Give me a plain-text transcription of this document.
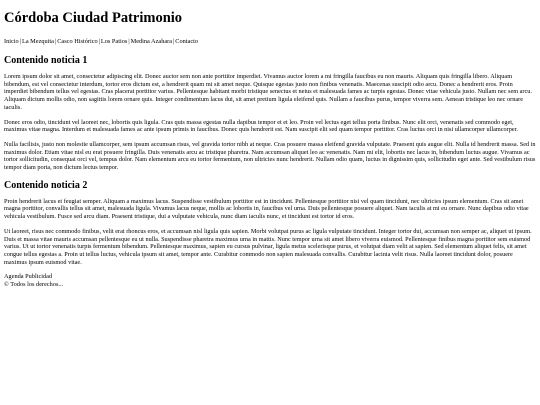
Córdoba Ciudad Patrimonio
Inicio|La Mezquita|Casco Histórico|Los Patios|Medina Azahara|Contacto
Contenido noticia 1

Lorem ipsum dolor sit amet, consectetur adipiscing elit. Donec auctor sem non ante porttitor imperdiet. Vivamus auctor lorem a mi fringilla faucibus eu non mauris. Aliquam quis fringilla libero. Aliquam bibendum, est vel consectetur interdum, tortor eros dictum est, a hendrerit quam mi sit amet neque. Quisque egestas justo non finibus venenatis. Maecenas suscipit odio arcu. Donec a hendrerit eros. Proin imperdiet bibendum tellus vel egestas. Cras placerat porttitor varius. Pellentesque habitant morbi tristique senectus et netus et malesuada fames ac turpis egestas. Donec vitae vehicula justo. Nullam nec sem arcu. Aliquam dictum mollis odio, non sagittis lorem ornare quis. Integer condimentum lacus dui, sit amet pretium ligula eleifend quis. Nullam a faucibus purus, tempor viverra sem. Aenean tristique leo nec ornare iaculis.

Donec eros odio, tincidunt vel laoreet nec, lobortis quis ligula. Cras quis massa egestas nulla dapibus tempor et et leo. Proin vel lectus eget tellus porta finibus. Nunc elit orci, venenatis sed commodo eget, maximus vitae magna. Interdum et malesuada fames ac ante ipsum primis in faucibus. Donec quis hendrerit est. Nam suscipit elit sed quam tempor porttitor. Cras luctus orci in nisi ullamcorper ullamcorper.

Nulla facilisis, justo non molestie ullamcorper, sem ipsum accumsan risus, vel gravida tortor nibh at neque. Cras posuere massa eleifend gravida vulputate. Praesent quis augue elit. Nulla id hendrerit massa. Sed in maximus dolor. Etiam vitae nisl eu erat posuere fringilla. Duis venenatis arcu ac tristique pharetra. Nam accumsan aliquet leo ac venenatis. Nam mi elit, lobortis nec lacus in, bibendum luctus augue. Vivamus ac tortor sollicitudin, consequat orci vel, tempus dolor. Nam elementum arcu eu tortor fermentum, non ultricies nunc hendrerit. Nullam odio quam, luctus in dignissim quis, sollicitudin eget ante. Sed vestibulum risus tempor diam porta, non dictum lectus tempor.

Contenido noticia 2

Proin hendrerit lacus et feugiat semper. Aliquam a maximus lacus. Suspendisse vestibulum porttitor est in tincidunt. Pellentesque porttitor nisi vel quam tincidunt, nec ultricies ipsum elementum. Cras sit amet magna porttitor, convallis tellus sit amet, malesuada ligula. Vivamus lacus neque, mollis ac lobortis in, faucibus vel urna. Duis pellentesque posuere aliquet. Nam iaculis at mi eu ornare. Nunc dapibus odio vitae vehicula vestibulum. Fusce sed arcu diam. Praesent tristique, dui a vulputate vehicula, nunc diam iaculis nunc, et tincidunt est tortor id eros.

Ut laoreet, risus nec commodo finibus, velit erat rhoncus eros, et accumsan nisl ligula quis sapien. Morbi volutpat purus ac ligula vulputate tincidunt. Integer tortor dui, accumsan non semper ac, aliquet ut ipsum. Duis et massa vitae mauris accumsan pellentesque eu ut nulla. Suspendisse pharetra maximus urna in mattis. Nunc tempor urna sit amet libero viverra euismod. Pellentesque finibus magna porttitor sem euismod varius. Ut ut tortor venenatis turpis fermentum bibendum. Pellentesque maximus, sapien eu cursus pulvinar, ligula metus scelerisque purus, et volutpat diam velit at sapien. Sed elementum aliquet felis, sit amet congue tellus egestas a. Proin ut tellus luctus, vehicula ipsum sit amet, tempor ante. Curabitur commodo non sapien malesuada convallis. Curabitur lacinia velit risus. Nulla laoreet tincidunt dolor, posuere maximus ipsum euismod vitae.

Agenda Publicidad
© Todos los derechos...
